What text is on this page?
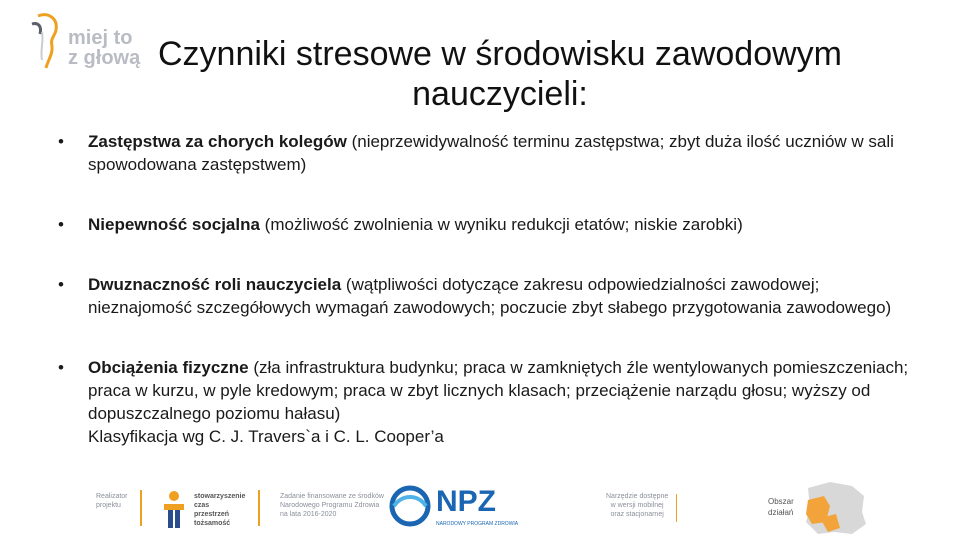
miej to
z głową Czynniki stresowe w środowisku zawodowym nauczycieli:
• Zastępstwa za chorych kolegów (nieprzewidywalność terminu zastępstwa; zbyt duża ilość uczniów w sali spowodowana zastępstwem)
• Niepewność socjalna (możliwość zwolnienia w wyniku redukcji etatów; niskie zarobki)
• Dwuznaczność roli nauczyciela (wątpliwości dotyczące zakresu odpowiedzialności zawodowej; nieznajomość szczegółowych wymagań zawodowych; poczucie zbyt słabego przygotowania zawodowego)
• Obciążenia fizyczne (zła infrastruktura budynku; praca w zamkniętych źle wentylowanych pomieszczeniach; praca w kurzu, w pyle kredowym; praca w zbyt licznych klasach; przeciążenie narządu głosu; wyższy od dopuszczalnego poziomu hałasu)
Klasyfikacja wg C. J. Travers`a i C. L. Cooper’a
Realizator
projektu
stowarzyszenie
czas
przestrzeń
tożsamość
Zadanie finansowane ze środków
Narodowego Programu Zdrowia
na lata 2016-2020	NPZ
NARODOWY PROGRAM ZDROWIA
Narzędzie dostępne
w wersji mobilnej
oraz stacjonarnej
Obszar
działań
